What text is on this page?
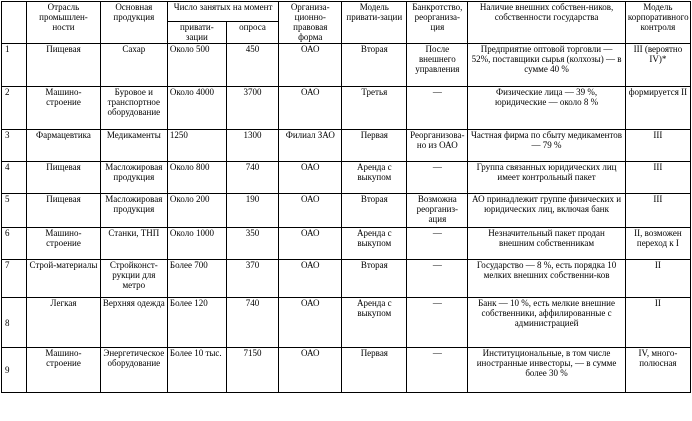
	Отрасль промышлен-ности	Основная продукция	Число занятых на момент		Организа-ционно-правовая форма	Модель привати-зации	Банкротство, реорганиза-ция	Наличие внешних собствен-ников, собственности государства	Модель корпоративного контроля
			привати-зации	опроса					
1	Пищевая	Сахар	Около 500	450	ОАО	Вторая	После внешнего управления	Предприятие оптовой торговли — 52%, поставщики сырья (колхозы) — в сумме 40 %	III (вероятно IV)*
2	Машино-строение	Буровое и транспортное оборудование	Около 4000	3700	ОАО	Третья	—	Физические лица — 39 %, юридические — около 8 %	формируется II
3	Фармацевтика	Медикаменты	1250	1300	Филиал ЗАО	Первая	Реорганизова-но из ОАО	Частная фирма по сбыту медикаментов — 79 %	III
4	Пищевая	Масложировая продукция	Около 800	740	ОАО	Аренда с выкупом	—	Группа связанных юридических лиц имеет контрольный пакет	III
5	Пищевая	Масложировая продукция	Около 200	190	ОАО	Вторая	Возможна реорганиз-ация	АО принадлежит группе физических и юридических лиц, включая банк	III
6	Машино-строение	Станки, ТНП	Около 1000	350	ОАО	Аренда с выкупом	—	Незначительный пакет продан внешним собственникам	II, возможен переход к I
7	Строй-материалы	Стройконст-рукции для метро	Более 700	370	ОАО	Вторая	—	Государство — 8 %, есть порядка 10 мелких внешних собственни-ков	II
8	Легкая	Верхняя одежда	Более 120	740	ОАО	Аренда с выкупом	—	Банк — 10 %, есть мелкие внешние собственники, аффилированные с администрацией	II
9	Машино-строение	Энергетическое оборудование	Более 10 тыс.	7150	ОАО	Первая	—	Институциональные, в том числе иностранные инвесторы, — в сумме более 30 %	IV, много-полюсная
